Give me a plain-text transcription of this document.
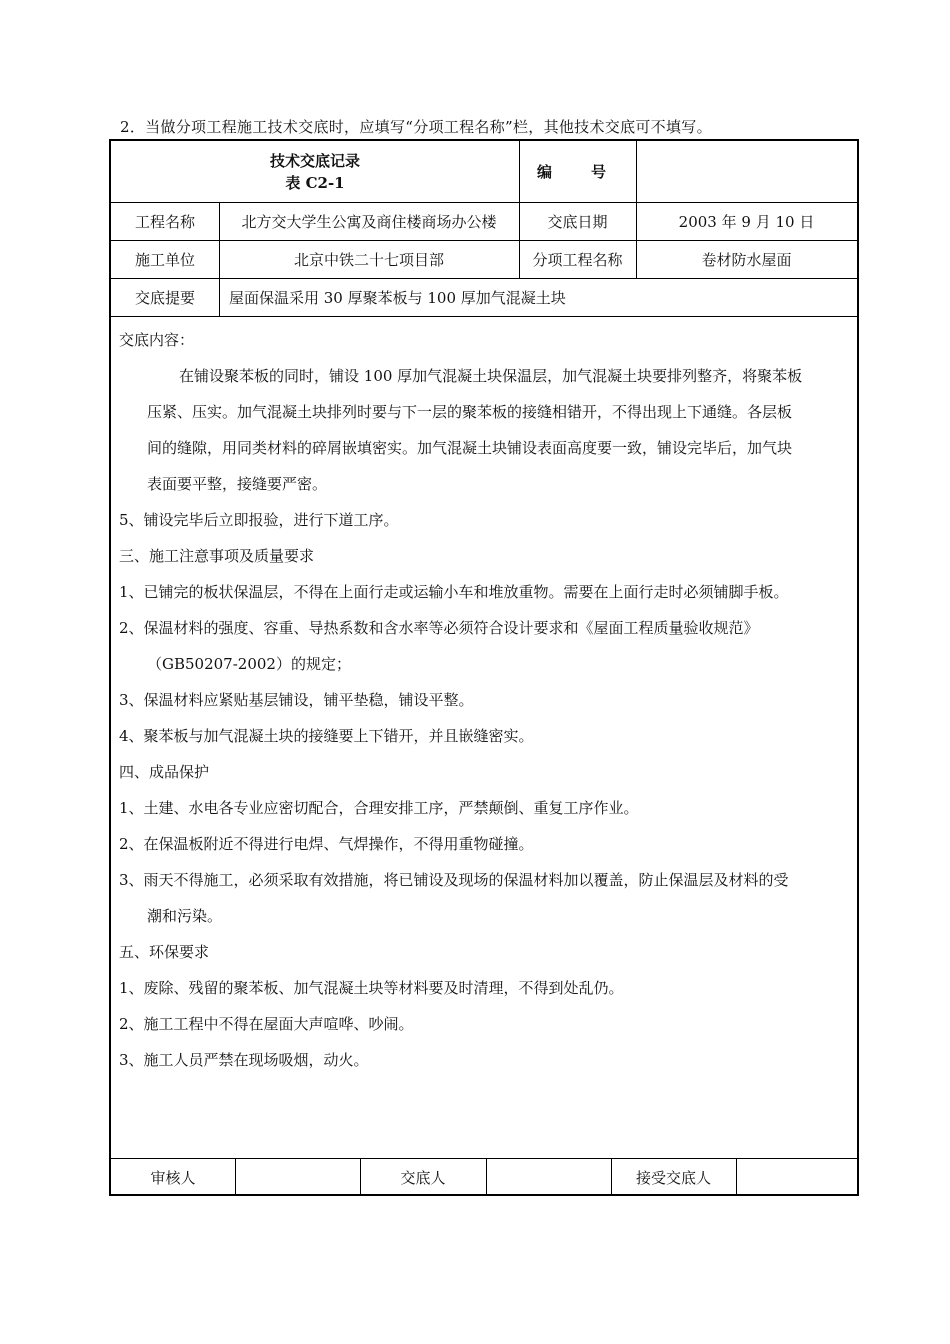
2．当做分项工程施工技术交底时，应填写“分项工程名称”栏，其他技术交底可不填写。
技术交底记录
表 C2-1
编　号
工程名称	北方交大学生公寓及商住楼商场办公楼	交底日期	2003 年 9 月 10 日
施工单位	北京中铁二十七项目部	分项工程名称	卷材防水屋面
交底提要	屋面保温采用 30 厚聚苯板与 100 厚加气混凝土块
交底内容：
在铺设聚苯板的同时，铺设 100 厚加气混凝土块保温层，加气混凝土块要排列整齐，将聚苯板
压紧、压实。加气混凝土块排列时要与下一层的聚苯板的接缝相错开，不得出现上下通缝。各层板
间的缝隙，用同类材料的碎屑嵌填密实。加气混凝土块铺设表面高度要一致，铺设完毕后，加气块
表面要平整，接缝要严密。
5、铺设完毕后立即报验，进行下道工序。
三、施工注意事项及质量要求
1、已铺完的板状保温层，不得在上面行走或运输小车和堆放重物。需要在上面行走时必须铺脚手板。
2、保温材料的强度、容重、导热系数和含水率等必须符合设计要求和《屋面工程质量验收规范》
（GB50207-2002）的规定；
3、保温材料应紧贴基层铺设，铺平垫稳，铺设平整。
4、聚苯板与加气混凝土块的接缝要上下错开，并且嵌缝密实。
四、成品保护
1、土建、水电各专业应密切配合，合理安排工序，严禁颠倒、重复工序作业。
2、在保温板附近不得进行电焊、气焊操作，不得用重物碰撞。
3、雨天不得施工，必须采取有效措施，将已铺设及现场的保温材料加以覆盖，防止保温层及材料的受
潮和污染。
五、环保要求
1、废除、残留的聚苯板、加气混凝土块等材料要及时清理，不得到处乱仍。
2、施工工程中不得在屋面大声喧哗、吵闹。
3、施工人员严禁在现场吸烟，动火。
审核人	交底人	接受交底人
